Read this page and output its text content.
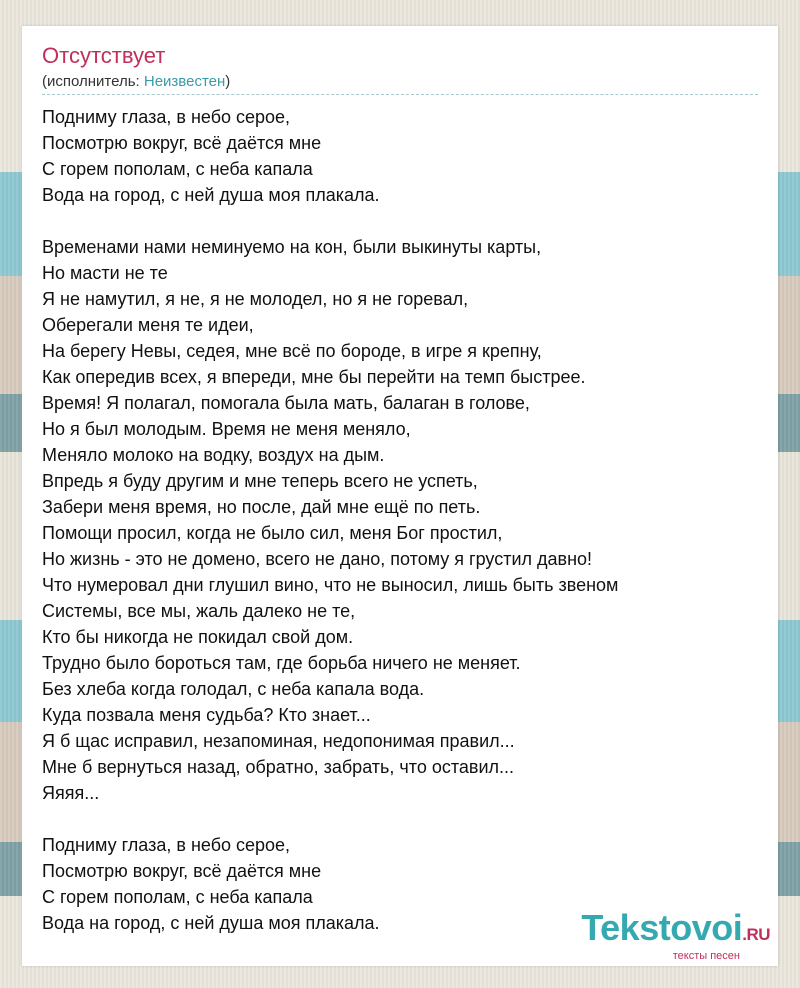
Отсутствует
(исполнитель: Неизвестен)
Подниму глаза, в небо серое,
Посмотрю вокруг, всё даётся мне
С горем пополам, с неба капала
Вода на город, с ней душа моя плакала.
Временами нами неминуемо на кон, были выкинуты карты,
Но масти не те
Я не намутил, я не, я не молодел, но я не горевал,
Оберегали меня те идеи,
На берегу Невы, седея, мне всё по бороде, в игре я крепну,
Как опередив всех, я впереди, мне бы перейти на темп быстрее.
Время! Я полагал, помогала была мать, балаган в голове,
Но я был молодым. Время не меня меняло,
Меняло молоко на водку, воздух на дым.
Впредь я буду другим и мне теперь всего не успеть,
Забери меня время, но после, дай мне ещё по петь.
Помощи просил, когда не было сил, меня Бог простил,
Но жизнь - это не домено, всего не дано, потому я грустил давно!
Что нумеровал дни глушил вино, что не выносил, лишь быть звеном
Системы, все мы, жаль далеко не те,
Кто бы никогда не покидал свой дом.
Трудно было бороться там, где борьба ничего не меняет.
Без хлеба когда голодал, с неба капала вода.
Куда позвала меня судьба? Кто знает...
Я б щас исправил, незапоминая, недопонимая правил...
Мне б вернуться назад, обратно, забрать, что оставил...
Яяяя...
Подниму глаза, в небо серое,
Посмотрю вокруг, всё даётся мне
С горем пополам, с неба капала
Вода на город, с ней душа моя плакала.	Tekstovoi.RU
тексты песен
